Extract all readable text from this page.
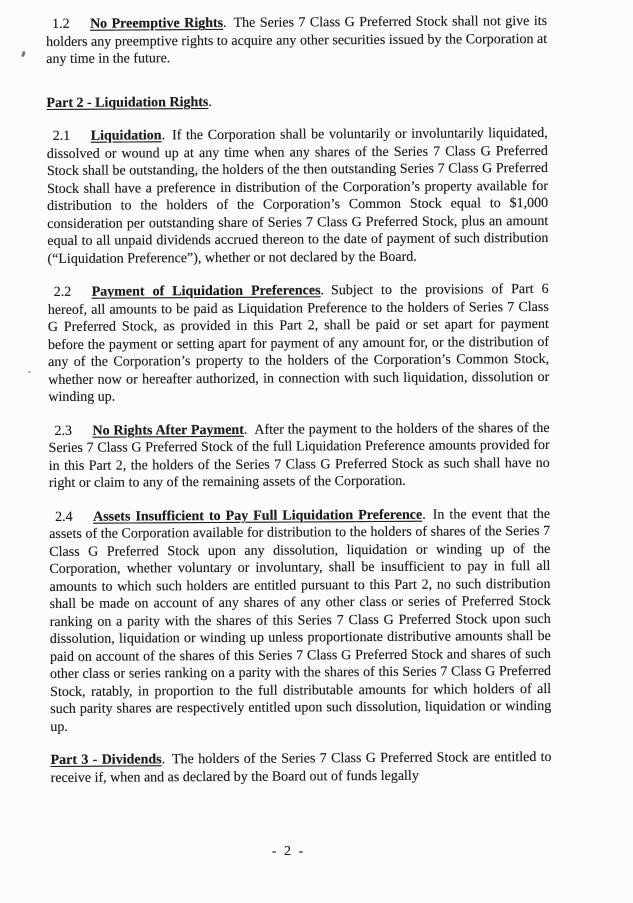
1.2 No Preemptive Rights. The Series 7 Class G Preferred Stock shall not give its holders any preemptive rights to acquire any other securities issued by the Corporation at any time in the future.

Part 2 - Liquidation Rights.

2.1 Liquidation. If the Corporation shall be voluntarily or involuntarily liquidated, dissolved or wound up at any time when any shares of the Series 7 Class G Preferred Stock shall be outstanding, the holders of the then outstanding Series 7 Class G Preferred Stock shall have a preference in distribution of the Corporation’s property available for distribution to the holders of the Corporation’s Common Stock equal to $1,000 consideration per outstanding share of Series 7 Class G Preferred Stock, plus an amount equal to all unpaid dividends accrued thereon to the date of payment of such distribution (“Liquidation Preference”), whether or not declared by the Board.

2.2 Payment of Liquidation Preferences. Subject to the provisions of Part 6 hereof, all amounts to be paid as Liquidation Preference to the holders of Series 7 Class G Preferred Stock, as provided in this Part 2, shall be paid or set apart for payment before the payment or setting apart for payment of any amount for, or the distribution of any of the Corporation’s property to the holders of the Corporation’s Common Stock, whether now or hereafter authorized, in connection with such liquidation, dissolution or winding up.

2.3 No Rights After Payment. After the payment to the holders of the shares of the Series 7 Class G Preferred Stock of the full Liquidation Preference amounts provided for in this Part 2, the holders of the Series 7 Class G Preferred Stock as such shall have no right or claim to any of the remaining assets of the Corporation.

2.4 Assets Insufficient to Pay Full Liquidation Preference. In the event that the assets of the Corporation available for distribution to the holders of shares of the Series 7 Class G Preferred Stock upon any dissolution, liquidation or winding up of the Corporation, whether voluntary or involuntary, shall be insufficient to pay in full all amounts to which such holders are entitled pursuant to this Part 2, no such distribution shall be made on account of any shares of any other class or series of Preferred Stock ranking on a parity with the shares of this Series 7 Class G Preferred Stock upon such dissolution, liquidation or winding up unless proportionate distributive amounts shall be paid on account of the shares of this Series 7 Class G Preferred Stock and shares of such other class or series ranking on a parity with the shares of this Series 7 Class G Preferred Stock, ratably, in proportion to the full distributable amounts for which holders of all such parity shares are respectively entitled upon such dissolution, liquidation or winding up.

Part 3 - Dividends. The holders of the Series 7 Class G Preferred Stock are entitled to receive if, when and as declared by the Board out of funds legally

- 2 -
